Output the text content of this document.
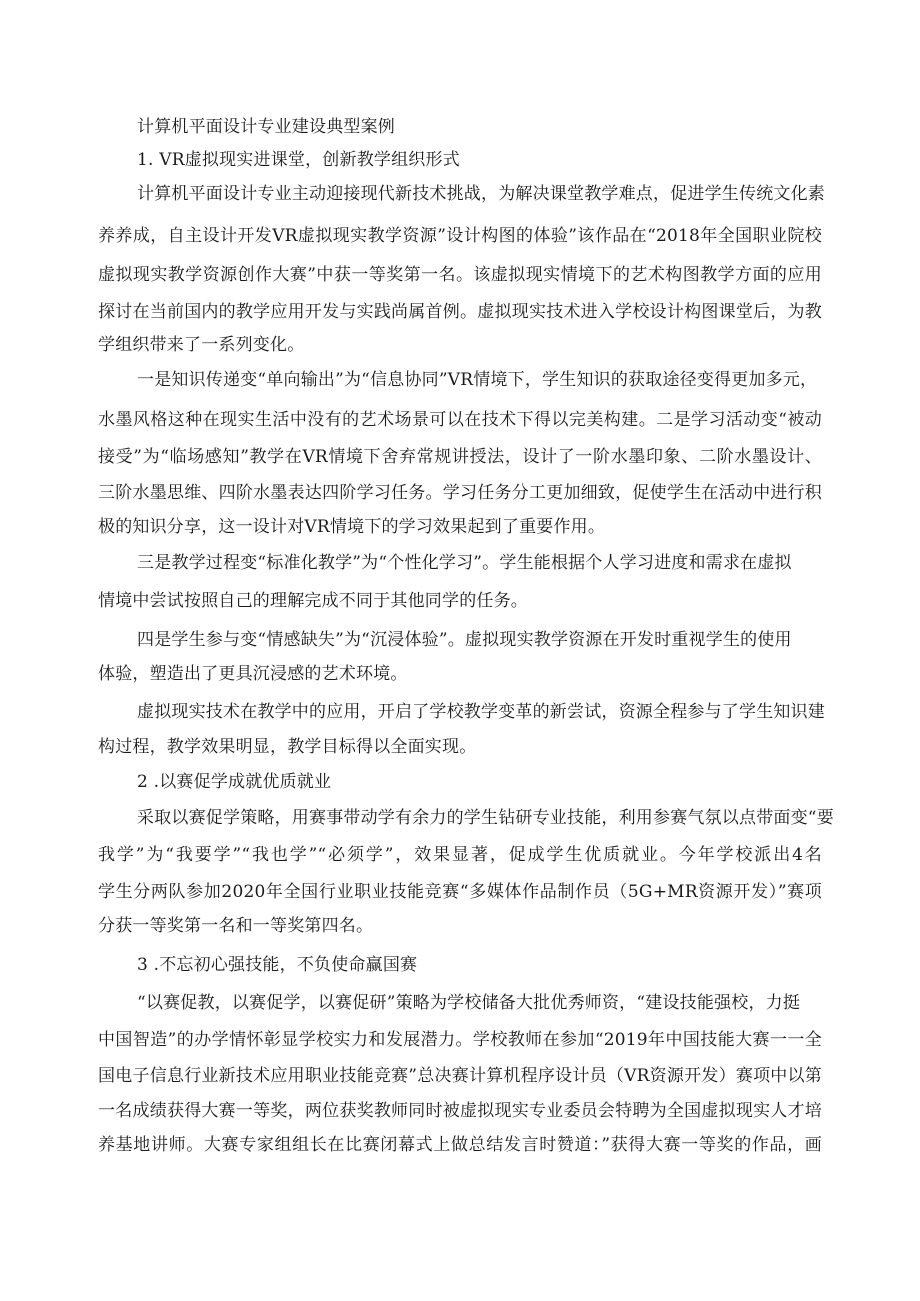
计算机平面设计专业建设典型案例

1. VR虚拟现实进课堂，创新教学组织形式

计算机平面设计专业主动迎接现代新技术挑战，为解决课堂教学难点，促进学生传统文化素

养养成，自主设计开发VR虚拟现实教学资源”设计构图的体验”该作品在“2018年全国职业院校

虚拟现实教学资源创作大赛”中获一等奖第一名。该虚拟现实情境下的艺术构图教学方面的应用

探讨在当前国内的教学应用开发与实践尚属首例。虚拟现实技术进入学校设计构图课堂后，为教

学组织带来了一系列变化。

一是知识传递变“单向输出”为“信息协同”VR情境下，学生知识的获取途径变得更加多元，

水墨风格这种在现实生活中没有的艺术场景可以在技术下得以完美构建。二是学习活动变“被动

接受”为“临场感知”教学在VR情境下舍弃常规讲授法，设计了一阶水墨印象、二阶水墨设计、

三阶水墨思维、四阶水墨表达四阶学习任务。学习任务分工更加细致，促使学生在活动中进行积

极的知识分享，这一设计对VR情境下的学习效果起到了重要作用。

三是教学过程变“标准化教学”为“个性化学习”。学生能根据个人学习进度和需求在虚拟

情境中尝试按照自己的理解完成不同于其他同学的任务。

四是学生参与变“情感缺失”为“沉浸体验”。虚拟现实教学资源在开发时重视学生的使用

体验，塑造出了更具沉浸感的艺术环境。

虚拟现实技术在教学中的应用，开启了学校教学变革的新尝试，资源全程参与了学生知识建

构过程，教学效果明显，教学目标得以全面实现。

2 .以赛促学成就优质就业

采取以赛促学策略，用赛事带动学有余力的学生钻研专业技能，利用参赛气氛以点带面变“要

我学”为“我要学”“我也学”“必须学”，效果显著，促成学生优质就业。今年学校派出4名

学生分两队参加2020年全国行业职业技能竞赛“多媒体作品制作员（5G+MR资源开发）”赛项

分获一等奖第一名和一等奖第四名。

3 .不忘初心强技能，不负使命赢国赛

“以赛促教，以赛促学，以赛促研”策略为学校储备大批优秀师资，“建设技能强校，力挺

中国智造”的办学情怀彰显学校实力和发展潜力。学校教师在参加“2019年中国技能大赛一一全

国电子信息行业新技术应用职业技能竞赛”总决赛计算机程序设计员（VR资源开发）赛项中以第

一名成绩获得大赛一等奖，两位获奖教师同时被虚拟现实专业委员会特聘为全国虚拟现实人才培

养基地讲师。大赛专家组组长在比赛闭幕式上做总结发言时赞道：”获得大赛一等奖的作品，画
